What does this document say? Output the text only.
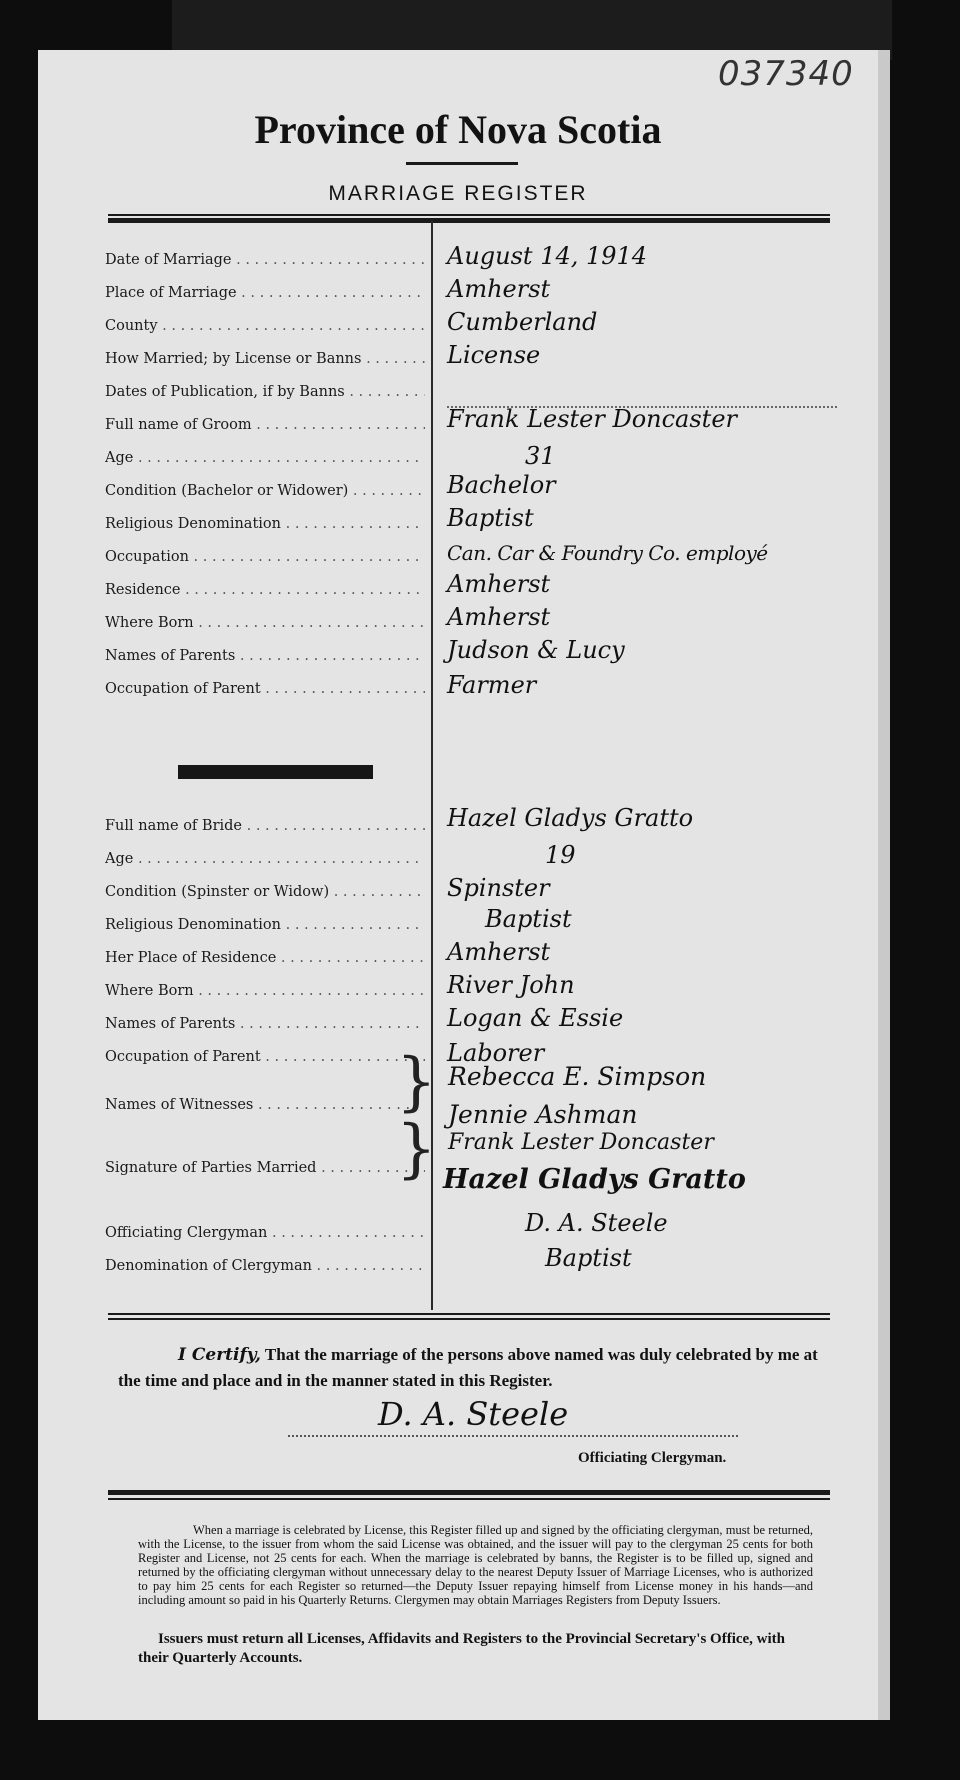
037340
Province of Nova Scotia
MARRIAGE REGISTER
Date of Marriage . . .	August 14, 1914
Place of Marriage . . .	Amherst
County . . .	Cumberland
How Married; by License or Banns . . .	License
Dates of Publication, if by Banns . . .
Full name of Groom . . .	Frank Lester Doncaster
Age . . .	31
Condition (Bachelor or Widower) . . .	Bachelor
Religious Denomination . . .	Baptist
Occupation . . .	Can. Car & Foundry Co. employé
Residence . . .	Amherst
Where Born . . .	Amherst
Names of Parents . . .	Judson & Lucy
Occupation of Parent . . .	Farmer
Full name of Bride . . .	Hazel Gladys Gratto
Age . . .	19
Condition (Spinster or Widow) . . .	Spinster
Religious Denomination . . .	Baptist
Her Place of Residence . . .	Amherst
Where Born . . .	River John
Names of Parents . . .	Logan & Essie
Occupation of Parent . . .	Laborer
Names of Witnesses . . .	} Rebecca E. Simpson
Jennie Ashman
Signature of Parties Married . . .	} Frank Lester Doncaster
Hazel Gladys Gratto
Officiating Clergyman . . .	D. A. Steele
Denomination of Clergyman . . .	Baptist
I Certify, That the marriage of the persons above named was duly celebrated by me at the time and place and in the manner stated in this Register.
D. A. Steele
Officiating Clergyman.
When a marriage is celebrated by License, this Register filled up and signed by the officiating clergyman, must be returned, with the License, to the issuer from whom the said License was obtained, and the issuer will pay to the clergyman 25 cents for both Register and License, not 25 cents for each. When the marriage is celebrated by banns, the Register is to be filled up, signed and returned by the officiating clergyman without unnecessary delay to the nearest Deputy Issuer of Marriage Licenses, who is authorized to pay him 25 cents for each Register so returned—the Deputy Issuer repaying himself from License money in his hands—and including amount so paid in his Quarterly Returns. Clergymen may obtain Marriages Registers from Deputy Issuers.
Issuers must return all Licenses, Affidavits and Registers to the Provincial Secretary's Office, with their Quarterly Accounts.
